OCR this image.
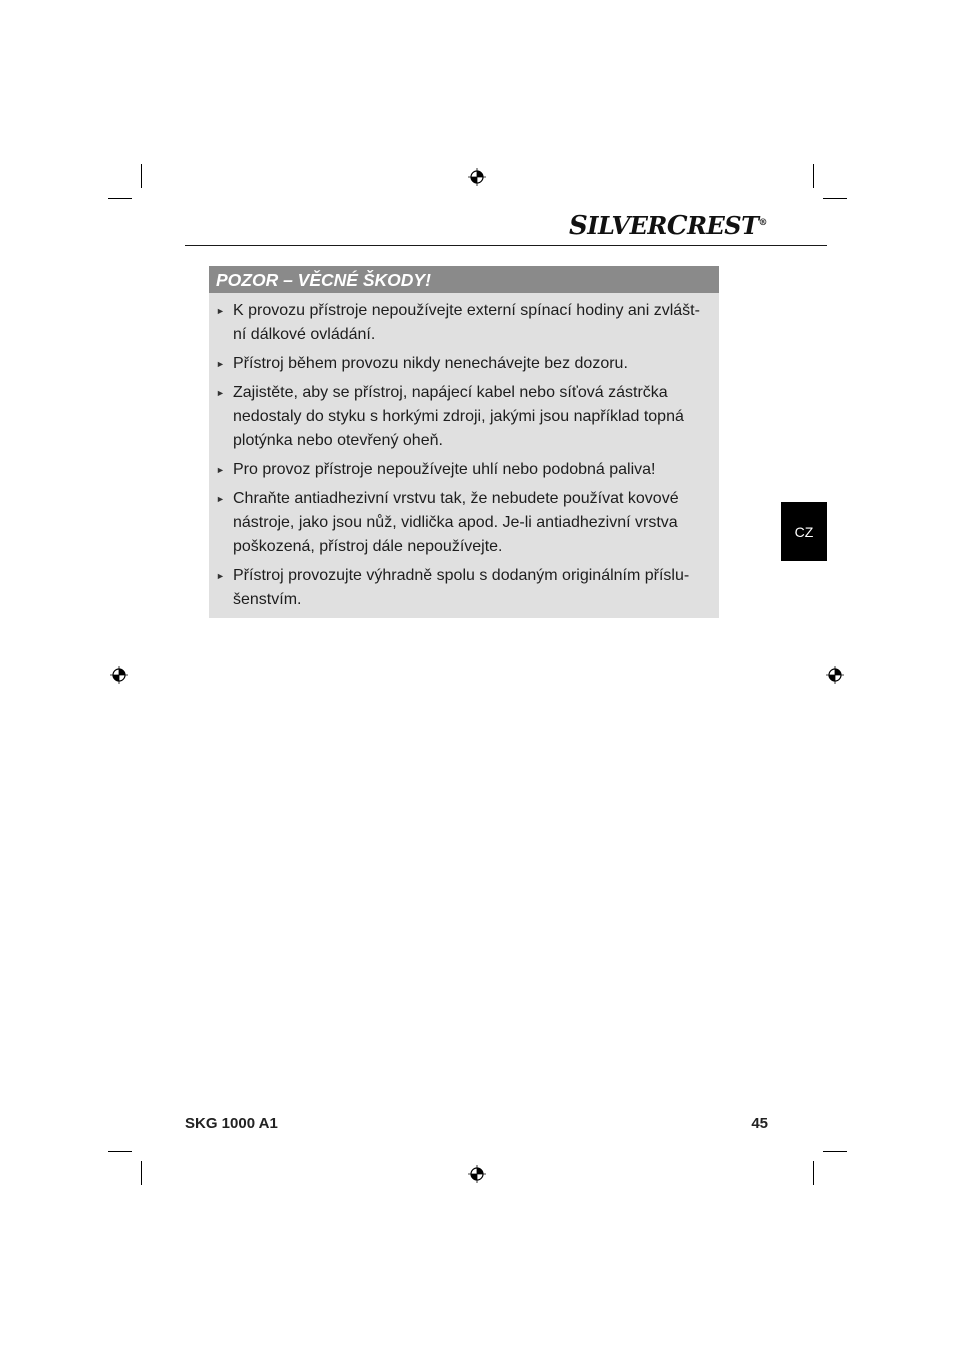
SILVERCREST®
POZOR – VĚCNÉ ŠKODY!
► K provozu přístroje nepoužívejte externí spínací hodiny ani zvlášt-ní dálkové ovládání.
► Přístroj během provozu nikdy nenechávejte bez dozoru.
► Zajistěte, aby se přístroj, napájecí kabel nebo síťová zástrčka nedostaly do styku s horkými zdroji, jakými jsou například topná plotýnka nebo otevřený oheň.
► Pro provoz přístroje nepoužívejte uhlí nebo podobná paliva!
► Chraňte antiadhezivní vrstvu tak, že nebudete používat kovové nástroje, jako jsou nůž, vidlička apod. Je-li antiadhezivní vrstva poškozená, přístroj dále nepoužívejte.
► Přístroj provozujte výhradně spolu s dodaným originálním příslu-šenstvím.
CZ
SKG 1000 A1	45
